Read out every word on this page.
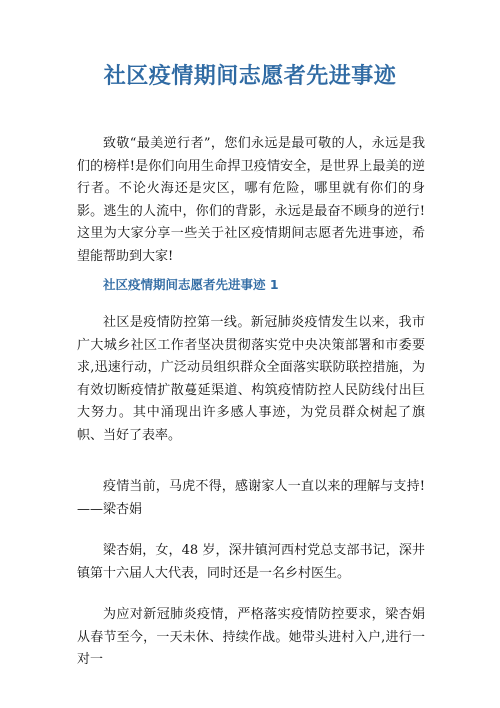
社区疫情期间志愿者先进事迹

致敬“最美逆行者”，您们永远是最可敬的人，永远是我们的榜样!是你们向用生命捍卫疫情安全，是世界上最美的逆行者。不论火海还是灾区，哪有危险，哪里就有你们的身影。逃生的人流中，你们的背影，永远是最奋不顾身的逆行!这里为大家分享一些关于社区疫情期间志愿者先进事迹，希望能帮助到大家!

社区疫情期间志愿者先进事迹 1

社区是疫情防控第一线。新冠肺炎疫情发生以来，我市广大城乡社区工作者坚决贯彻落实党中央决策部署和市委要求,迅速行动，广泛动员组织群众全面落实联防联控措施，为有效切断疫情扩散蔓延渠道、构筑疫情防控人民防线付出巨大努力。其中涌现出许多感人事迹，为党员群众树起了旗帜、当好了表率。

疫情当前，马虎不得，感谢家人一直以来的理解与支持!——梁杏娟

梁杏娟，女，48 岁，深井镇河西村党总支部书记，深井镇第十六届人大代表，同时还是一名乡村医生。

为应对新冠肺炎疫情，严格落实疫情防控要求，梁杏娟从春节至今，一天未休、持续作战。她带头进村入户,进行一对一
